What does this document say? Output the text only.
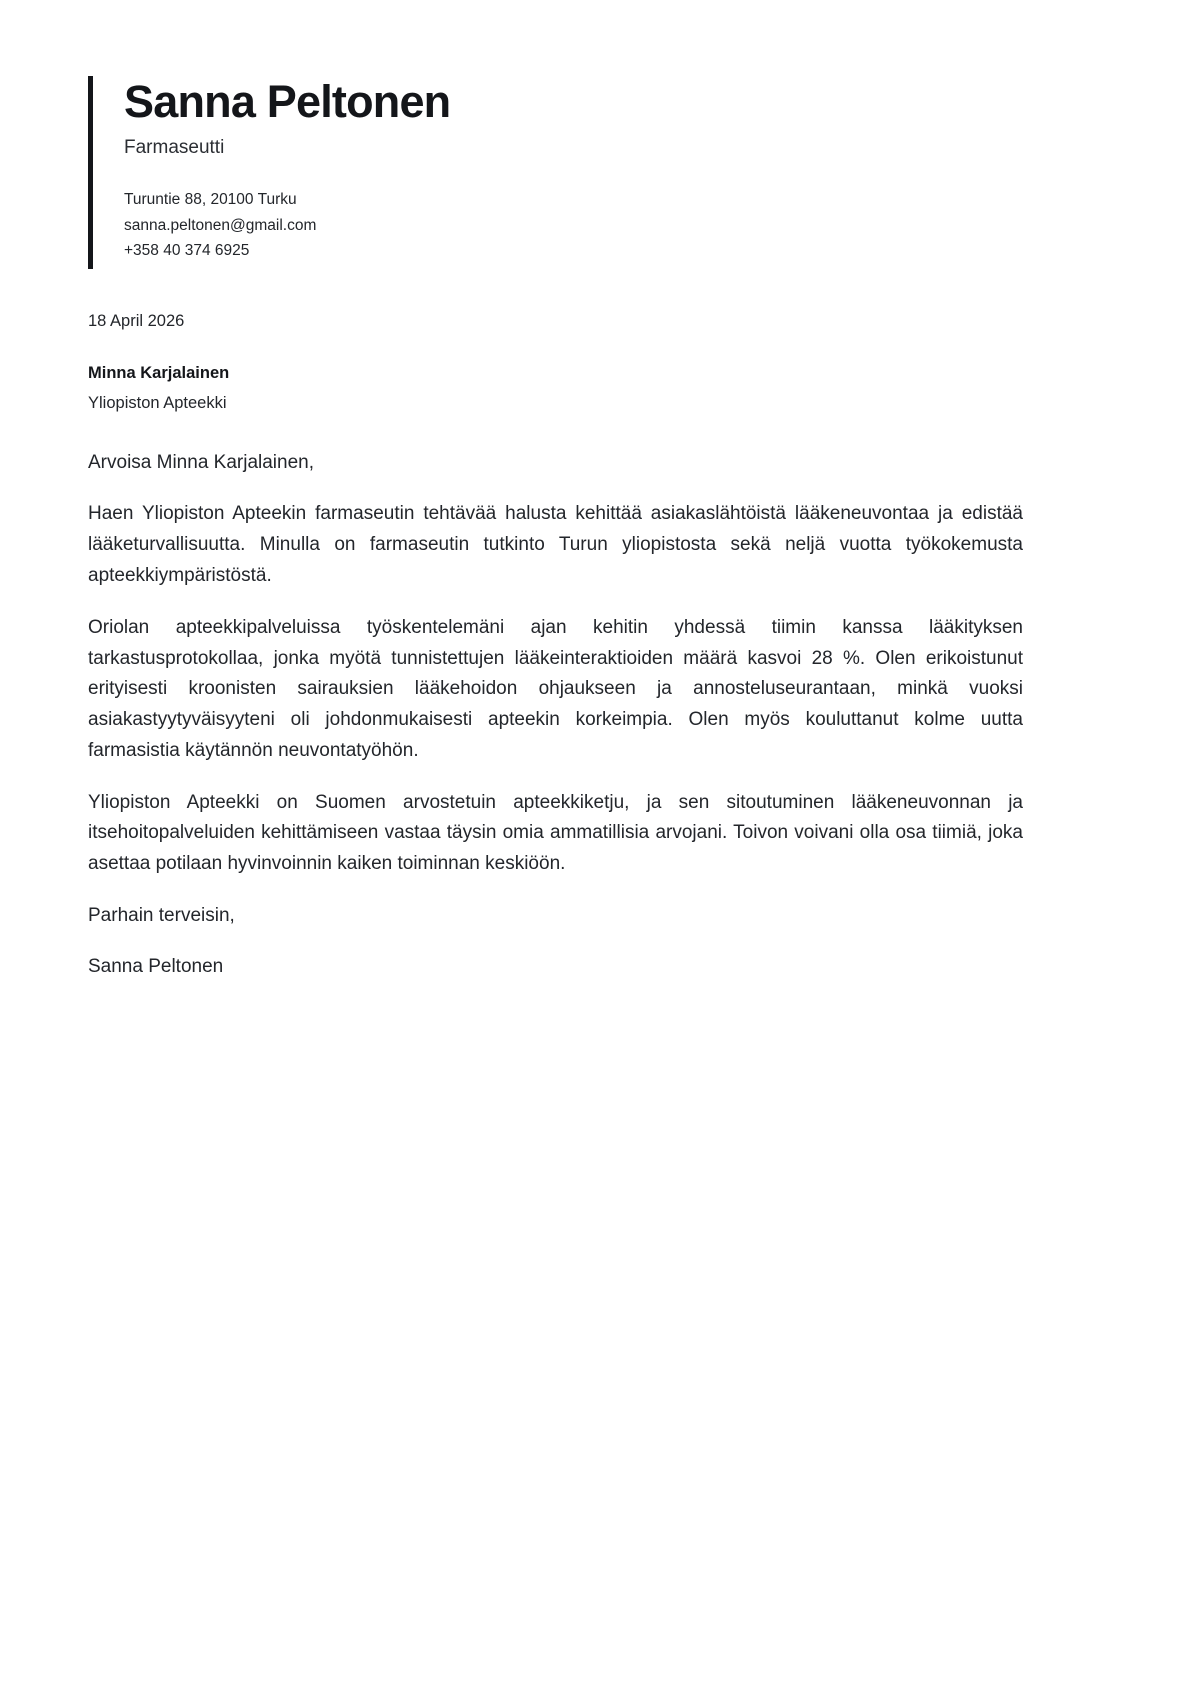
Sanna Peltonen
Farmaseutti
Turuntie 88, 20100 Turku
sanna.peltonen@gmail.com
+358 40 374 6925
18 April 2026
Minna Karjalainen
Yliopiston Apteekki

Arvoisa Minna Karjalainen,

Haen Yliopiston Apteekin farmaseutin tehtävää halusta kehittää asiakaslähtöistä lääkeneuvontaa ja edistää lääketurvallisuutta. Minulla on farmaseutin tutkinto Turun yliopistosta sekä neljä vuotta työkokemusta apteekkiympäristöstä.

Oriolan apteekkipalveluissa työskentelemäni ajan kehitin yhdessä tiimin kanssa lääkityksen tarkastusprotokollaa, jonka myötä tunnistettujen lääkeinteraktioiden määrä kasvoi 28 %. Olen erikoistunut erityisesti kroonisten sairauksien lääkehoidon ohjaukseen ja annosteluseurantaan, minkä vuoksi asiakastyytyväisyyteni oli johdonmukaisesti apteekin korkeimpia. Olen myös kouluttanut kolme uutta farmasistia käytännön neuvontatyöhön.

Yliopiston Apteekki on Suomen arvostetuin apteekkiketju, ja sen sitoutuminen lääkeneuvonnan ja itsehoitopalveluiden kehittämiseen vastaa täysin omia ammatillisia arvojani. Toivon voivani olla osa tiimiä, joka asettaa potilaan hyvinvoinnin kaiken toiminnan keskiöön.

Parhain terveisin,

Sanna Peltonen
